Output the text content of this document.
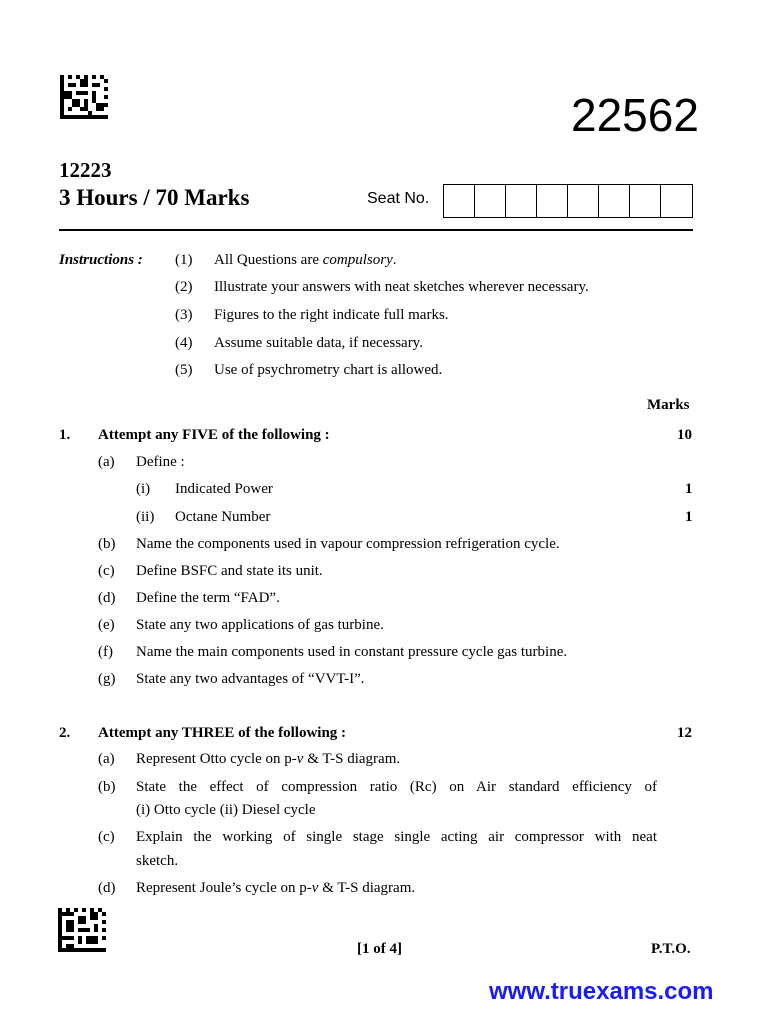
22562
12223
3 Hours / 70 Marks	Seat No.
Instructions : (1) All Questions are compulsory.
(2) Illustrate your answers with neat sketches wherever necessary.
(3) Figures to the right indicate full marks.
(4) Assume suitable data, if necessary.
(5) Use of psychrometry chart is allowed.
Marks
1. Attempt any FIVE of the following :	10
(a) Define :
(i) Indicated Power	1
(ii) Octane Number	1
(b) Name the components used in vapour compression refrigeration cycle.
(c) Define BSFC and state its unit.
(d) Define the term “FAD”.
(e) State any two applications of gas turbine.
(f) Name the main components used in constant pressure cycle gas turbine.
(g) State any two advantages of “VVT-I”.
2. Attempt any THREE of the following :	12
(a) Represent Otto cycle on p-v & T-S diagram.
(b) State the effect of compression ratio (Rc) on Air standard efficiency of
(i) Otto cycle (ii) Diesel cycle
(c) Explain the working of single stage single acting air compressor with neat
sketch.
(d) Represent Joule’s cycle on p-v & T-S diagram.
[1 of 4]	P.T.O.
www.truexams.com
